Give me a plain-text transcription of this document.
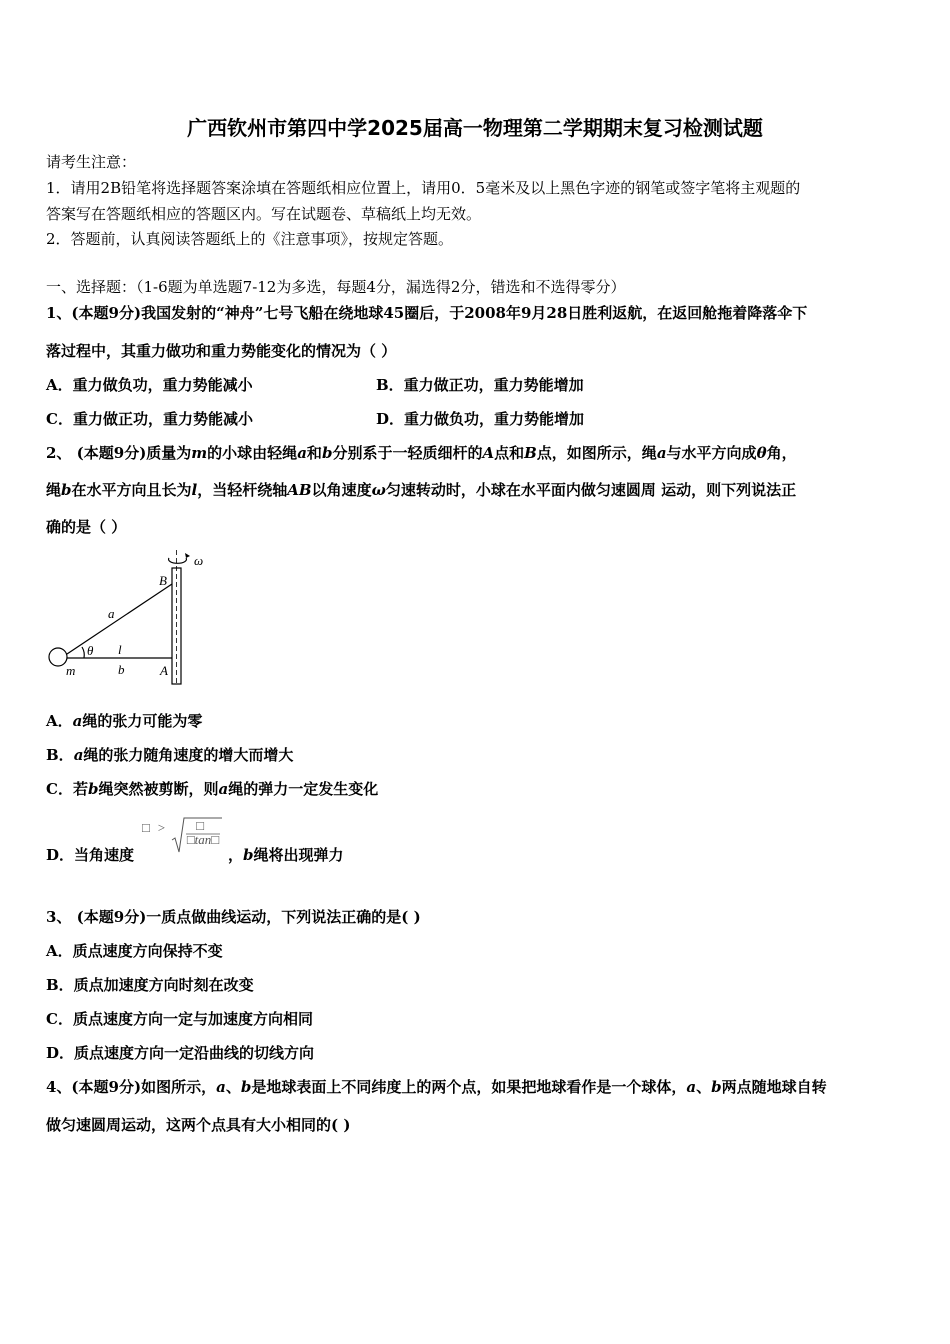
广西钦州市第四中学2025届高一物理第二学期期末复习检测试题
请考生注意：
1．请用2B铅笔将选择题答案涂填在答题纸相应位置上，请用0．5毫米及以上黑色字迹的钢笔或签字笔将主观题的
答案写在答题纸相应的答题区内。写在试题卷、草稿纸上均无效。
2．答题前，认真阅读答题纸上的《注意事项》，按规定答题。
一、选择题：（1-6题为单选题7-12为多选，每题4分，漏选得2分，错选和不选得零分）
1、(本题9分)我国发射的“神舟”七号飞船在绕地球45圈后，于2008年9月28日胜利返航，在返回舱拖着降落伞下
落过程中，其重力做功和重力势能变化的情况为（ ）
A．重力做负功，重力势能减小	B．重力做正功，重力势能增加
C．重力做正功，重力势能减小	D．重力做负功，重力势能增加
2、 (本题9分)质量为m的小球由轻绳a和b分别系于一轻质细杆的A点和B点，如图所示，绳a与水平方向成θ角，
绳b在水平方向且长为l，当轻杆绕轴AB以角速度ω匀速转动时，小球在水平面内做匀速圆周 运动，则下列说法正
确的是（ ）
ω
B
a
θ l
b
m	A
A．a绳的张力可能为零
B．a绳的张力随角速度的增大而增大
C．若b绳突然被剪断，则a绳的弹力一定发生变化
D．当角速度
□ > □
□tan□
，b绳将出现弹力
3、 (本题9分)一质点做曲线运动，下列说法正确的是( )
A．质点速度方向保持不变
B．质点加速度方向时刻在改变
C．质点速度方向一定与加速度方向相同
D．质点速度方向一定沿曲线的切线方向
4、(本题9分)如图所示，a、b是地球表面上不同纬度上的两个点，如果把地球看作是一个球体，a、b两点随地球自转
做匀速圆周运动，这两个点具有大小相同的( )
